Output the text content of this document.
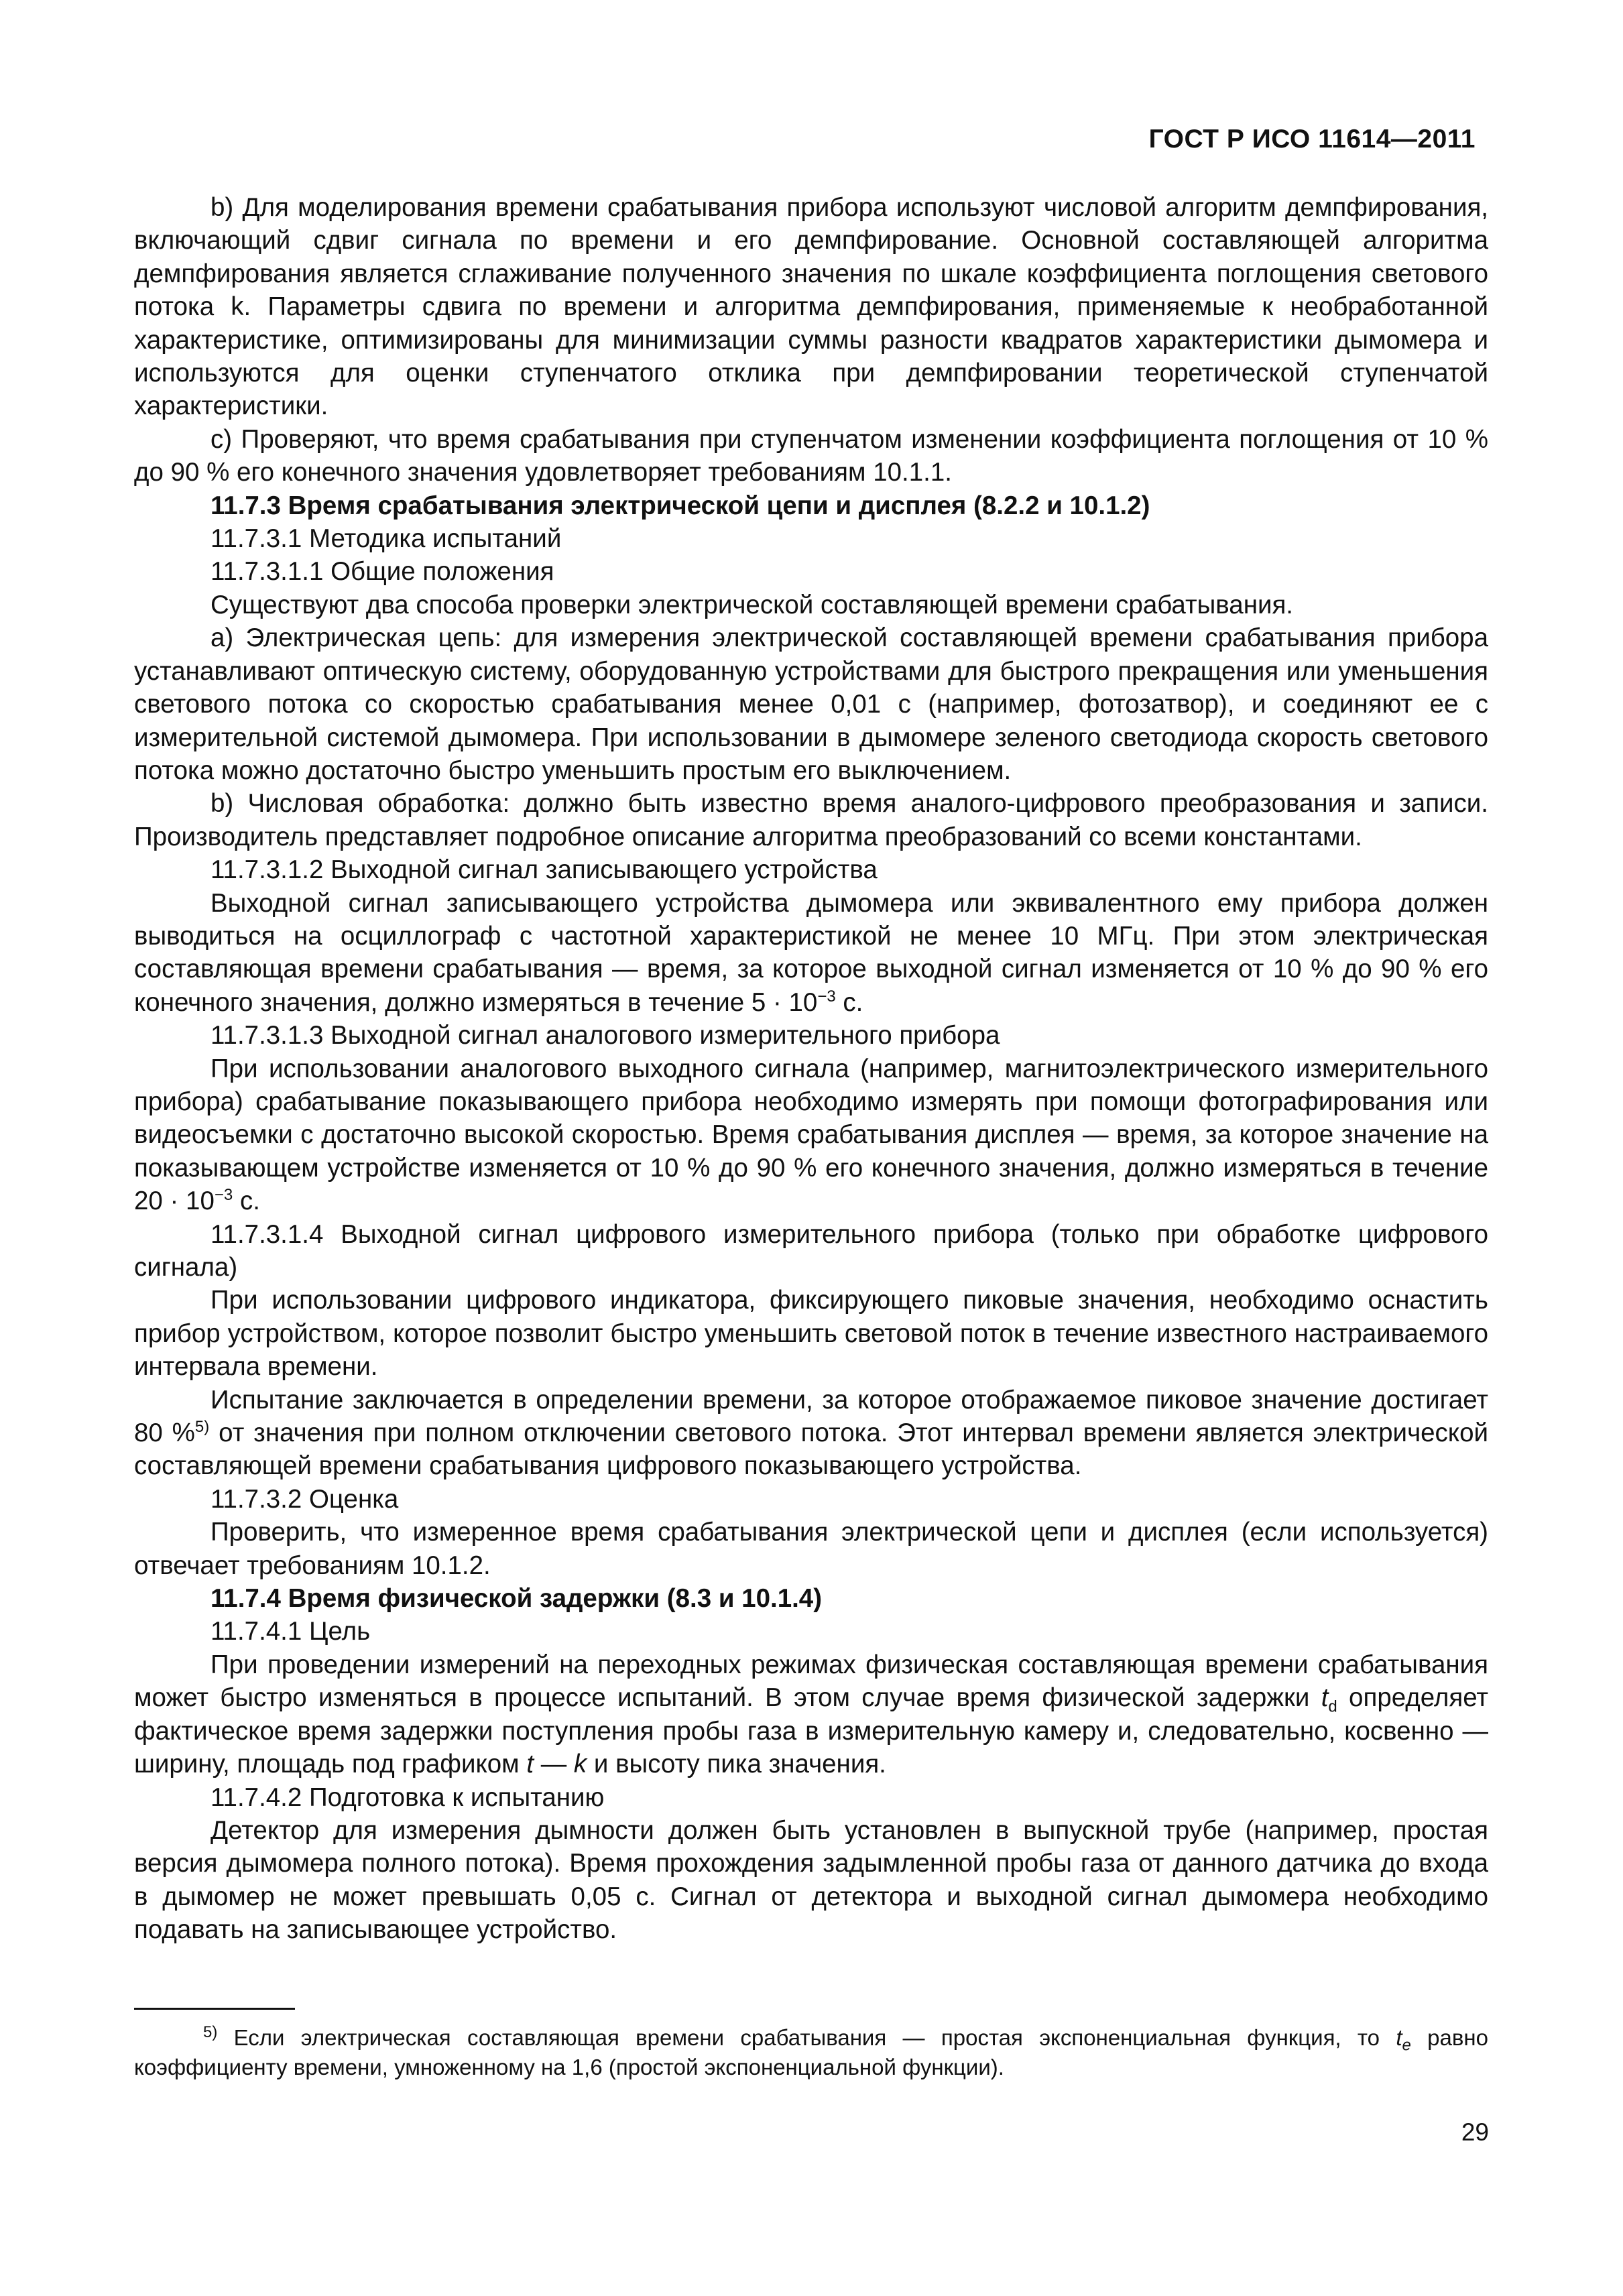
ГОСТ Р ИСО 11614—2011

b) Для моделирования времени срабатывания прибора используют числовой алгоритм демпфирования, включающий сдвиг сигнала по времени и его демпфирование. Основной составляющей алгоритма демпфирования является сглаживание полученного значения по шкале коэффициента поглощения светового потока k. Параметры сдвига по времени и алгоритма демпфирования, применяемые к необработанной характеристике, оптимизированы для минимизации суммы разности квадратов характеристики дымомера и используются для оценки ступенчатого отклика при демпфировании теоретической ступенчатой характеристики.

c) Проверяют, что время срабатывания при ступенчатом изменении коэффициента поглощения от 10 % до 90 % его конечного значения удовлетворяет требованиям 10.1.1.

11.7.3 Время срабатывания электрической цепи и дисплея (8.2.2 и 10.1.2)

11.7.3.1 Методика испытаний

11.7.3.1.1 Общие положения

Существуют два способа проверки электрической составляющей времени срабатывания.

а) Электрическая цепь: для измерения электрической составляющей времени срабатывания прибора устанавливают оптическую систему, оборудованную устройствами для быстрого прекращения или уменьшения светового потока со скоростью срабатывания менее 0,01 с (например, фотозатвор), и соединяют ее с измерительной системой дымомера. При использовании в дымомере зеленого светодиода скорость светового потока можно достаточно быстро уменьшить простым его выключением.

b) Числовая обработка: должно быть известно время аналого-цифрового преобразования и записи. Производитель представляет подробное описание алгоритма преобразований со всеми константами.

11.7.3.1.2 Выходной сигнал записывающего устройства

Выходной сигнал записывающего устройства дымомера или эквивалентного ему прибора должен выводиться на осциллограф с частотной характеристикой не менее 10 МГц. При этом электрическая составляющая времени срабатывания — время, за которое выходной сигнал изменяется от 10 % до 90 % его конечного значения, должно измеряться в течение $5 \cdot 10^{-3}$ с.

11.7.3.1.3 Выходной сигнал аналогового измерительного прибора

При использовании аналогового выходного сигнала (например, магнитоэлектрического измерительного прибора) срабатывание показывающего прибора необходимо измерять при помощи фотографирования или видеосъемки с достаточно высокой скоростью. Время срабатывания дисплея — время, за которое значение на показывающем устройстве изменяется от 10 % до 90 % его конечного значения, должно измеряться в течение $20 \cdot 10^{-3}$ с.

11.7.3.1.4 Выходной сигнал цифрового измерительного прибора (только при обработке цифрового сигнала)

При использовании цифрового индикатора, фиксирующего пиковые значения, необходимо оснастить прибор устройством, которое позволит быстро уменьшить световой поток в течение известного настраиваемого интервала времени.

Испытание заключается в определении времени, за которое отображаемое пиковое значение достигает 80 %$^{5)}$ от значения при полном отключении светового потока. Этот интервал времени является электрической составляющей времени срабатывания цифрового показывающего устройства.

11.7.3.2 Оценка

Проверить, что измеренное время срабатывания электрической цепи и дисплея (если используется) отвечает требованиям 10.1.2.

11.7.4 Время физической задержки (8.3 и 10.1.4)

11.7.4.1 Цель

При проведении измерений на переходных режимах физическая составляющая времени срабатывания может быстро изменяться в процессе испытаний. В этом случае время физической задержки $t_d$ определяет фактическое время задержки поступления пробы газа в измерительную камеру и, следовательно, косвенно — ширину, площадь под графиком t — k и высоту пика значения.

11.7.4.2 Подготовка к испытанию

Детектор для измерения дымности должен быть установлен в выпускной трубе (например, простая версия дымомера полного потока). Время прохождения задымленной пробы газа от данного датчика до входа в дымомер не может превышать 0,05 с. Сигнал от детектора и выходной сигнал дымомера необходимо подавать на записывающее устройство.

$^{5)}$ Если электрическая составляющая времени срабатывания — простая экспоненциальная функция, то $t_e$ равно коэффициенту времени, умноженному на 1,6 (простой экспоненциальной функции).
29
